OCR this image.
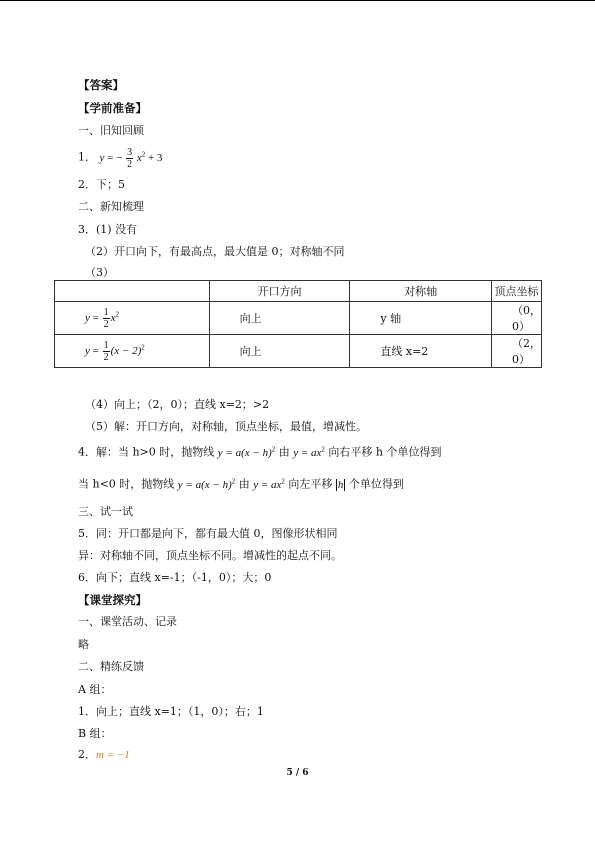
【答案】
【学前准备】
一、旧知回顾
1． y = − $\frac{3}{2} x^2 + 3$
2．下；5
二、新知梳理
3．(1) 没有
（2）开口向下，有最高点，最大值是 0；对称轴不同
（3）
	开口方向	对称轴	顶点坐标
$y = \frac{1}{2} x^2$	向上	y 轴	（0，0）
$y = \frac{1}{2} (x - 2)^2$	向上	直线 x=2	（2，0）
（4）向上；（2，0）；直线 x=2；>2
（5）解：开口方向，对称轴，顶点坐标，最值，增减性。
4．解：当 h>0 时，抛物线 $y = a(x - h)^2$ 由 $y = ax^2$ 向右平移 h 个单位得到
当 h<0 时，抛物线 $y = a(x - h)^2$ 由 $y = ax^2$ 向左平移 h 个单位得到
三、试一试
5．同：开口都是向下，都有最大值 0，图像形状相同
异：对称轴不同，顶点坐标不同。增减性的起点不同。
6．向下；直线 x=-1；（-1，0）；大；0
【课堂探究】
一、课堂活动、记录
略
二、精练反馈
A 组：
1．向上；直线 x=1；（1，0）；右；1
B 组：
2．m = −1
5 / 6
